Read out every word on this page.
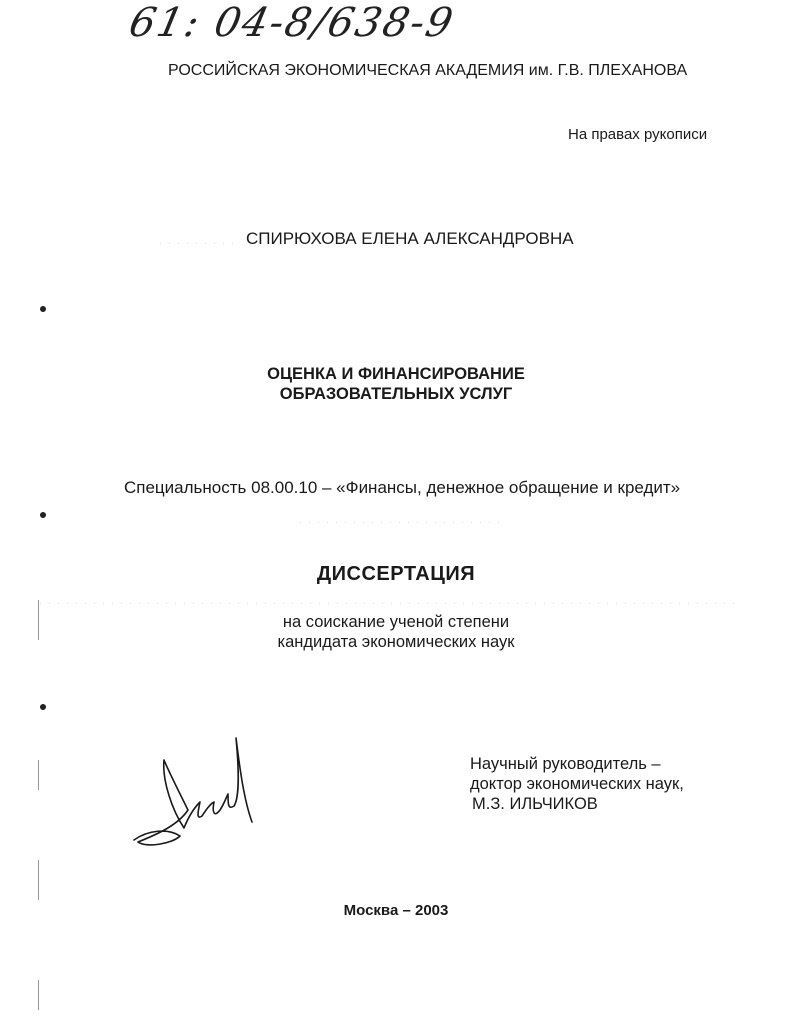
61: 04-8/638-9
РОССИЙСКАЯ ЭКОНОМИЧЕСКАЯ АКАДЕМИЯ им. Г.В. ПЛЕХАНОВА
На правах рукописи
СПИРЮХОВА ЕЛЕНА АЛЕКСАНДРОВНА
ОЦЕНКА И ФИНАНСИРОВАНИЕ
ОБРАЗОВАТЕЛЬНЫХ УСЛУГ
Специальность 08.00.10 – «Финансы, денежное обращение и кредит»
ДИССЕРТАЦИЯ
на соискание ученой степени
кандидата экономических наук
Научный руководитель –
доктор экономических наук,
М.З. ИЛЬЧИКОВ
Москва – 2003
